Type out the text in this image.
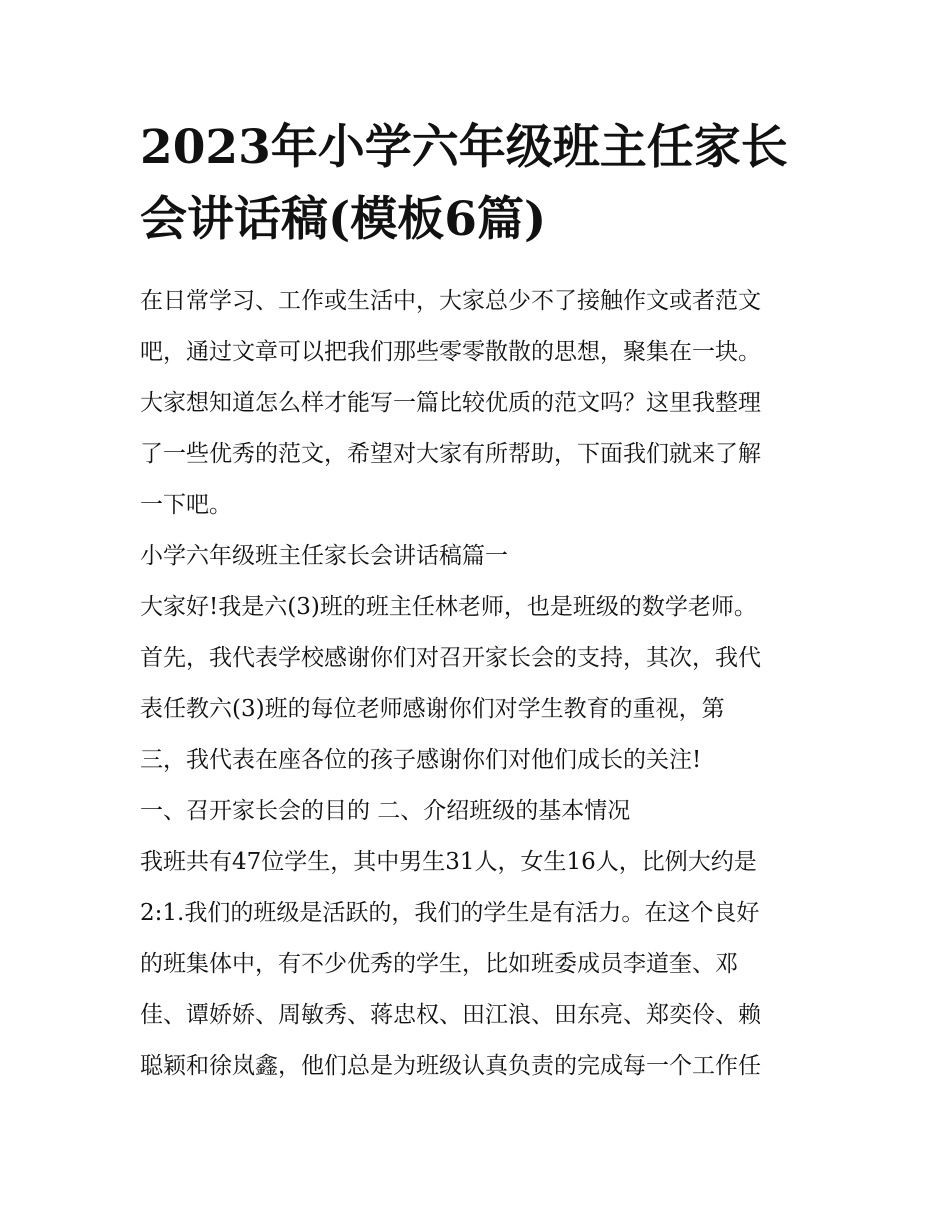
2023年小学六年级班主任家长
会讲话稿(模板6篇)
在日常学习、工作或生活中，大家总少不了接触作文或者范文
吧，通过文章可以把我们那些零零散散的思想，聚集在一块。
大家想知道怎么样才能写一篇比较优质的范文吗？这里我整理
了一些优秀的范文，希望对大家有所帮助，下面我们就来了解
一下吧。
小学六年级班主任家长会讲话稿篇一
大家好!我是六(3)班的班主任林老师，也是班级的数学老师。
首先，我代表学校感谢你们对召开家长会的支持，其次，我代
表任教六(3)班的每位老师感谢你们对学生教育的重视，第
三，我代表在座各位的孩子感谢你们对他们成长的关注!
一、召开家长会的目的 二、介绍班级的基本情况
我班共有47位学生，其中男生31人，女生16人，比例大约是
2:1.我们的班级是活跃的，我们的学生是有活力。在这个良好
的班集体中，有不少优秀的学生，比如班委成员李道奎、邓
佳、谭娇娇、周敏秀、蒋忠权、田江浪、田东亮、郑奕伶、赖
聪颖和徐岚鑫，他们总是为班级认真负责的完成每一个工作任
